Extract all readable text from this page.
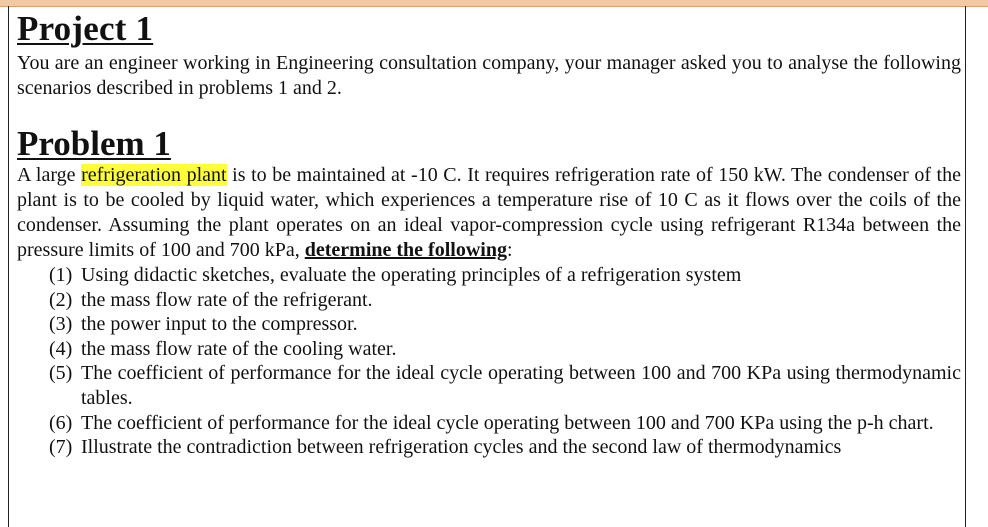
Project 1

You are an engineer working in Engineering consultation company, your manager asked you to analyse the following scenarios described in problems 1 and 2.

Problem 1

A large refrigeration plant is to be maintained at -10 C. It requires refrigeration rate of 150 kW. The condenser of the plant is to be cooled by liquid water, which experiences a temperature rise of 10 C as it flows over the coils of the condenser. Assuming the plant operates on an ideal vapor-compression cycle using refrigerant R134a between the pressure limits of 100 and 700 kPa, determine the following:

(1) Using didactic sketches, evaluate the operating principles of a refrigeration system
(2) the mass flow rate of the refrigerant.
(3) the power input to the compressor.
(4) the mass flow rate of the cooling water.
(5) The coefficient of performance for the ideal cycle operating between 100 and 700 KPa using thermodynamic tables.
(6) The coefficient of performance for the ideal cycle operating between 100 and 700 KPa using the p-h chart.
(7) Illustrate the contradiction between refrigeration cycles and the second law of thermodynamics
